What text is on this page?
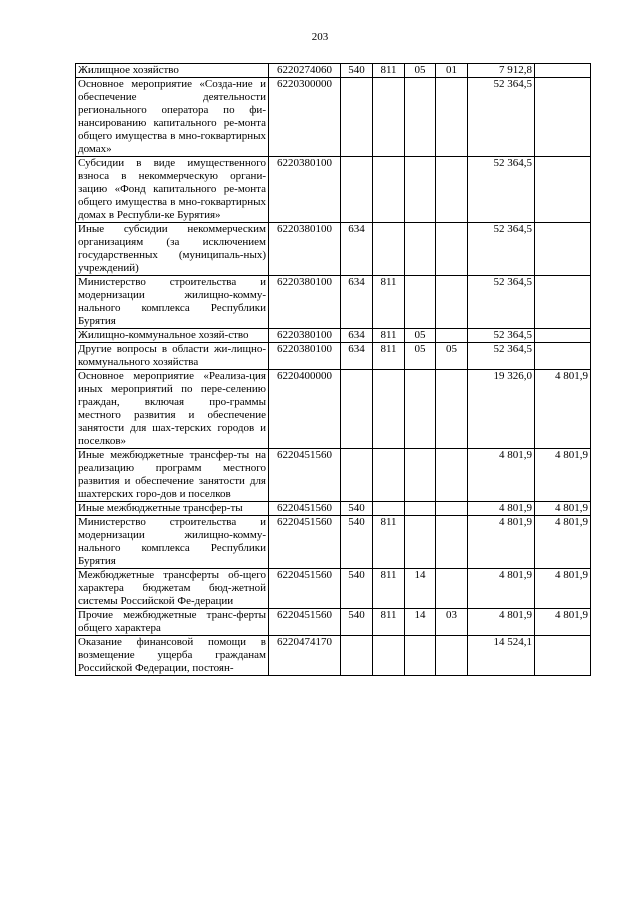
203
Жилищное хозяйство	6220274060	540	811	05	01	7 912,8	
Основное мероприятие «Созда-ние и обеспечение деятельности регионального оператора по фи-нансированию капитального ре-монта общего имущества в мно-гоквартирных домах»	6220300000					52 364,5	
Субсидии в виде имущественного взноса в некоммерческую органи-зацию «Фонд капитального ре-монта общего имущества в мно-гоквартирных домах в Республи-ке Бурятия»	6220380100					52 364,5	
Иные субсидии некоммерческим организациям (за исключением государственных (муниципаль-ных) учреждений)	6220380100	634				52 364,5	
Министерство строительства и модернизации жилищно-комму-нального комплекса Республики Бурятия	6220380100	634	811			52 364,5	
Жилищно-коммунальное хозяй-ство	6220380100	634	811	05		52 364,5	
Другие вопросы в области жи-лищно-коммунального хозяйства	6220380100	634	811	05	05	52 364,5	
Основное мероприятие «Реализа-ция иных мероприятий по пере-селению граждан, включая про-граммы местного развития и обеспечение занятости для шах-терских городов и поселков»	6220400000					19 326,0	4 801,9
Иные межбюджетные трансфер-ты на реализацию программ местного развития и обеспечение занятости для шахтерских горо-дов и поселков	6220451560					4 801,9	4 801,9
Иные межбюджетные трансфер-ты	6220451560	540				4 801,9	4 801,9
Министерство строительства и модернизации жилищно-комму-нального комплекса Республики Бурятия	6220451560	540	811			4 801,9	4 801,9
Межбюджетные трансферты об-щего характера бюджетам бюд-жетной системы Российской Фе-дерации	6220451560	540	811	14		4 801,9	4 801,9
Прочие межбюджетные транс-ферты общего характера	6220451560	540	811	14	03	4 801,9	4 801,9
Оказание финансовой помощи в возмещение ущерба гражданам Российской Федерации, постоян-	6220474170					14 524,1	
